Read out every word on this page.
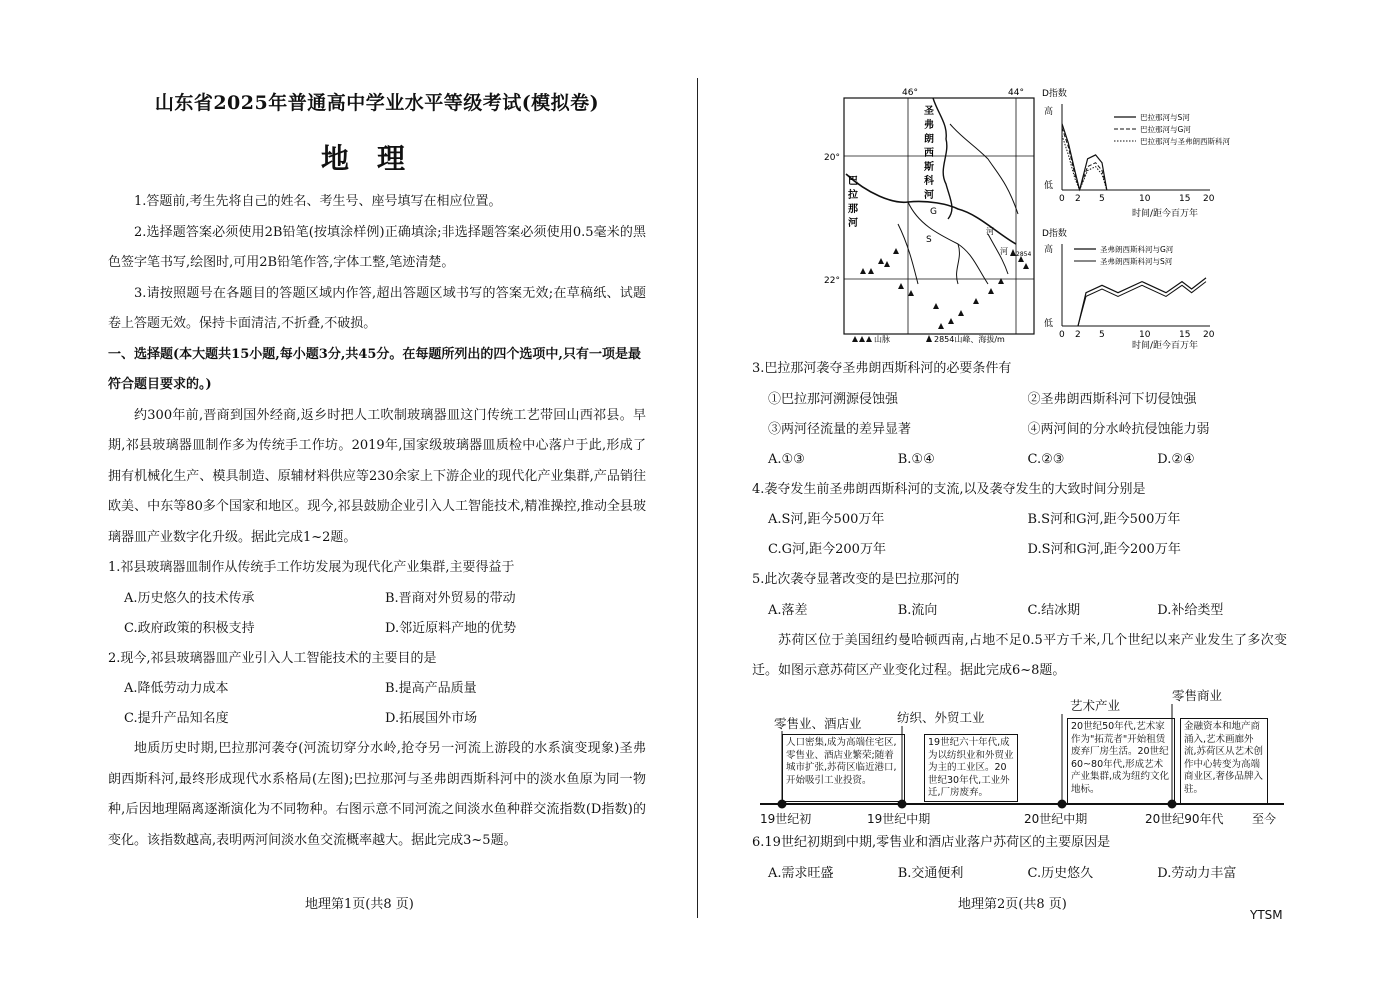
山东省2025年普通高中学业水平等级考试(模拟卷)
地理
1.答题前,考生先将自己的姓名、考生号、座号填写在相应位置。
2.选择题答案必须使用2B铅笔(按填涂样例)正确填涂;非选择题答案必须使用0.5毫米的黑色签字笔书写,绘图时,可用2B铅笔作答,字体工整,笔迹清楚。
3.请按照题号在各题目的答题区域内作答,超出答题区域书写的答案无效;在草稿纸、试题卷上答题无效。保持卡面清洁,不折叠,不破损。
一、选择题(本大题共15小题,每小题3分,共45分。在每题所列出的四个选项中,只有一项是最符合题目要求的。)
约300年前,晋商到国外经商,返乡时把人工吹制玻璃器皿这门传统工艺带回山西祁县。早期,祁县玻璃器皿制作多为传统手工作坊。2019年,国家级玻璃器皿质检中心落户于此,形成了拥有机械化生产、模具制造、原辅材料供应等230余家上下游企业的现代化产业集群,产品销往欧美、中东等80多个国家和地区。现今,祁县鼓励企业引入人工智能技术,精准操控,推动全县玻璃器皿产业数字化升级。据此完成1~2题。
1.祁县玻璃器皿制作从传统手工作坊发展为现代化产业集群,主要得益于
A.历史悠久的技术传承	B.晋商对外贸易的带动
C.政府政策的积极支持	D.邻近原料产地的优势
2.现今,祁县玻璃器皿产业引入人工智能技术的主要目的是
A.降低劳动力成本	B.提高产品质量
C.提升产品知名度	D.拓展国外市场
地质历史时期,巴拉那河袭夺(河流切穿分水岭,抢夺另一河流上游段的水系演变现象)圣弗朗西斯科河,最终形成现代水系格局(左图);巴拉那河与圣弗朗西斯科河中的淡水鱼原为同一物种,后因地理隔离逐渐演化为不同物种。右图示意不同河流之间淡水鱼种群交流指数(D指数)的变化。该指数越高,表明两河间淡水鱼交流概率越大。据此完成3~5题。
地理第1页(共8 页)
46°	44°
20°
22°
圣
弗
朗
西
斯
科
河
巴
拉
那
河
G
S
河
河 2854
山脉	2854山峰、海拔/m
D指数
高
低
时间/距今百万年
0 2 5	10	15 20
巴拉那河与S河
巴拉那河与G河
巴拉那河与圣弗朗西斯科河
D指数
高
低
时间/距今百万年
0 2 5	10	15 20
圣弗朗西斯科河与G河
圣弗朗西斯科河与S河
3.巴拉那河袭夺圣弗朗西斯科河的必要条件有
①巴拉那河溯源侵蚀强	②圣弗朗西斯科河下切侵蚀强
③两河径流量的差异显著	④两河间的分水岭抗侵蚀能力弱
A.①③	B.①④	C.②③	D.②④
4.袭夺发生前圣弗朗西斯科河的支流,以及袭夺发生的大致时间分别是
A.S河,距今500万年	B.S河和G河,距今500万年
C.G河,距今200万年	D.S河和G河,距今200万年
5.此次袭夺显著改变的是巴拉那河的
A.落差	B.流向	C.结冰期	D.补给类型
苏荷区位于美国纽约曼哈顿西南,占地不足0.5平方千米,几个世纪以来产业发生了多次变迁。如图示意苏荷区产业变化过程。据此完成6~8题。
零售业、酒店业	纺织、外贸工业
艺术产业
零售商业
人口密集,成为高端住宅区,零售业、酒店业繁荣;随着城市扩张,苏荷区临近港口,开始吸引工业投资。
19世纪六十年代,成为以纺织业和外贸业为主的工业区。20世纪30年代,工业外迁,厂房废弃。
20世纪50年代,艺术家作为"拓荒者"开始租赁废弃厂房生活。20世纪60~80年代,形成艺术产业集群,成为纽约文化地标。
金融资本和地产商涌入,艺术画廊外流,苏荷区从艺术创作中心转变为高端商业区,奢侈品牌入驻。
19世纪初	19世纪中期	20世纪中期	20世纪90年代 至今
6.19世纪初期到中期,零售业和酒店业落户苏荷区的主要原因是
A.需求旺盛	B.交通便利	C.历史悠久	D.劳动力丰富
地理第2页(共8 页)
YTSM
